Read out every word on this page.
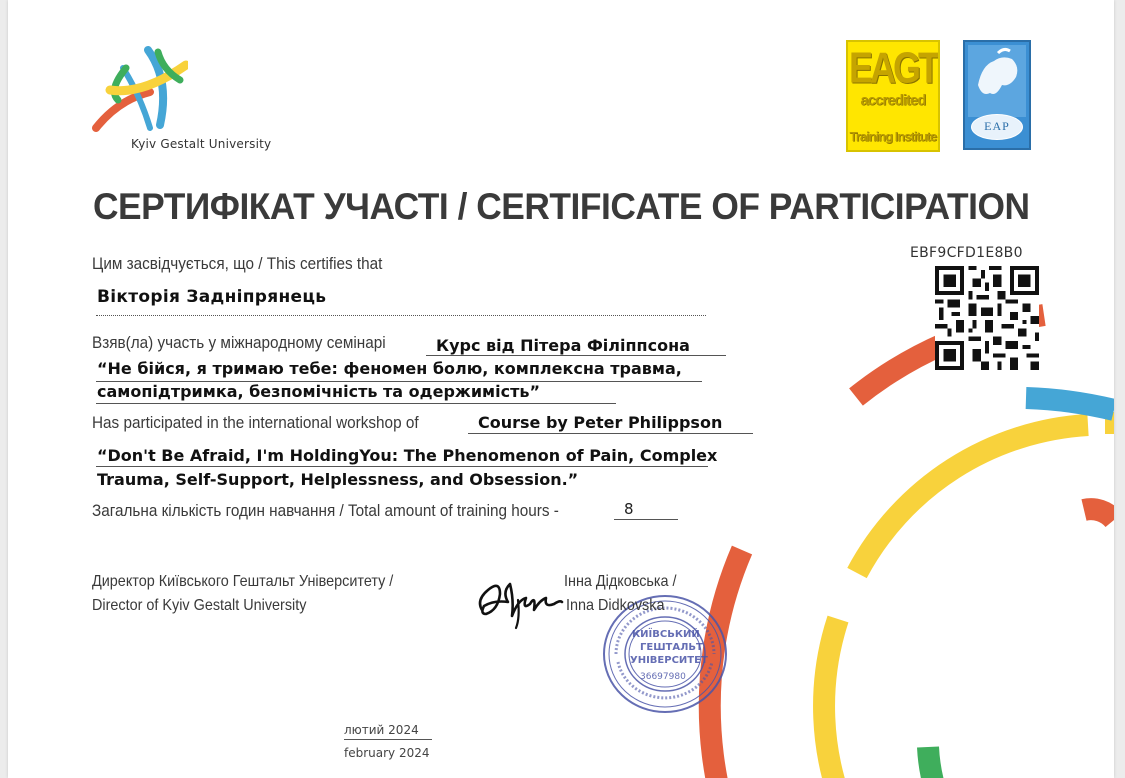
Kyiv Gestalt University
EAGT
accredited
Training Institute
EAP
СЕРТИФІКАТ УЧАСТІ / CERTIFICATE OF PARTICIPATION
EBF9CFD1E8B0
Цим засвідчується, що / This certifies that
Вікторія Задніпрянець
Взяв(ла) участь у міжнародному семінарі	Курс від Пітера Філіппсона
“Не бійся, я тримаю тебе: феномен болю, комплексна травма,
самопідтримка, безпомічність та одержимість”
Has participated in the international workshop of	Course by Peter Philippson
“Don't Be Afraid, I'm HoldingYou: The Phenomenon of Pain, Complex
Trauma, Self-Support, Helplessness, and Obsession.”
Загальна кількість годин навчання / Total amount of training hours -	8
Директор Київського Гештальт Університету /
Director of Kyiv Gestalt University
КИЇВСЬКИЙ
ГЕШТАЛЬТ
УНІВЕРСИТЕТ
36697980
Інна Дідковська /
Inna Didkovska
лютий 2024
february 2024
